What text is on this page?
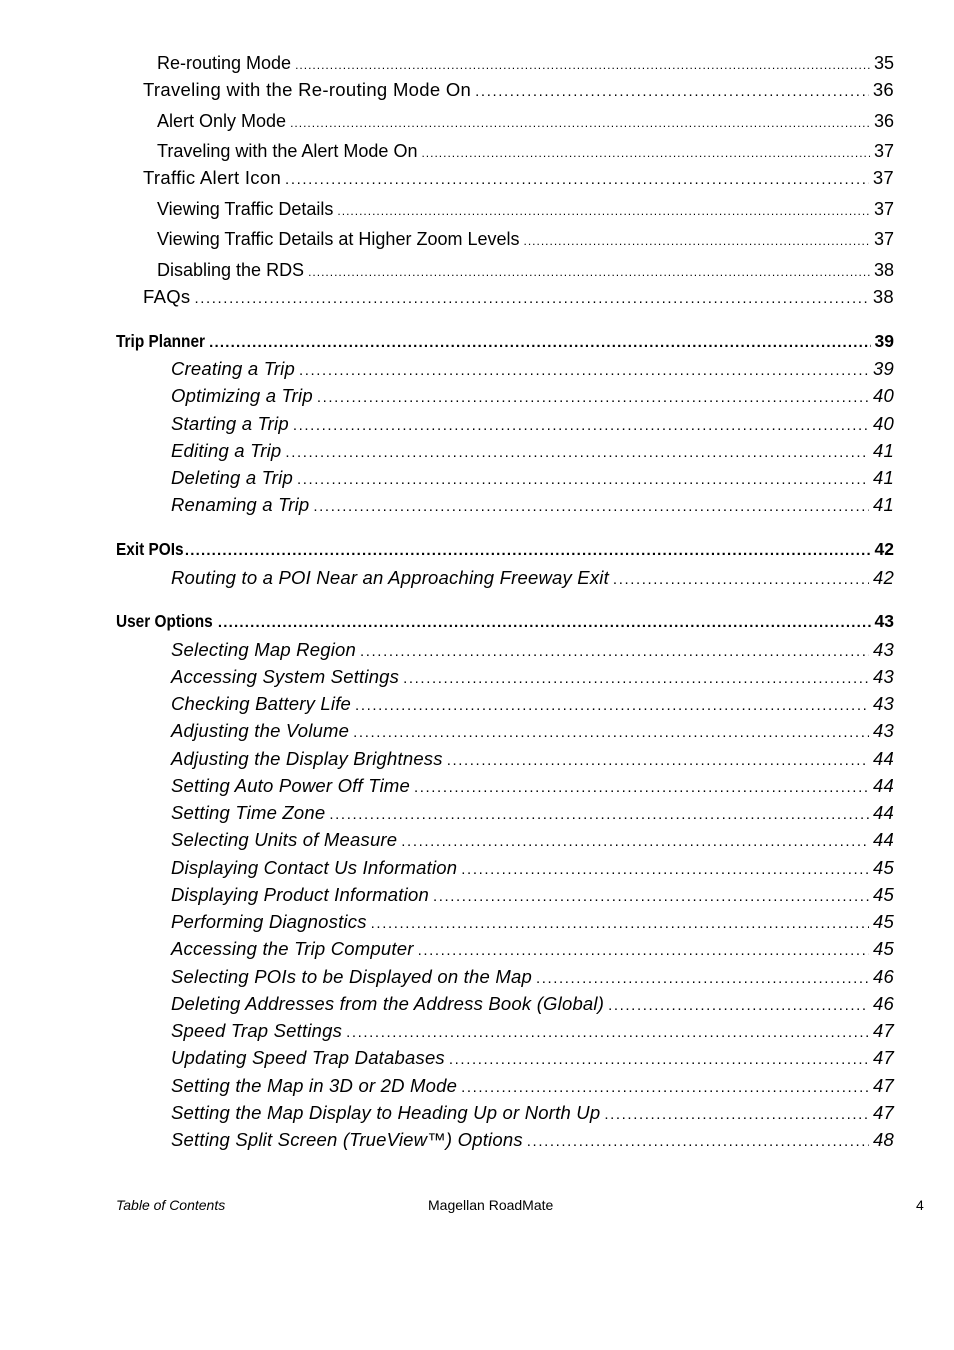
Re-routing Mode .....	35
Traveling with the Re-routing Mode On .....	36
Alert Only Mode .....	36
Traveling with the Alert Mode On .....	37
Traffic Alert Icon .....	37
Viewing Traffic Details .....	37
Viewing Traffic Details at Higher Zoom Levels .....	37
Disabling the RDS .....	38
FAQs .....	38
Trip Planner .....	39
Creating a Trip .....	39
Optimizing a Trip .....	40
Starting a Trip .....	40
Editing a Trip .....	41
Deleting a Trip .....	41
Renaming a Trip .....	41
Exit POIs .....	42
Routing to a POI Near an Approaching Freeway Exit .....	42
User Options .....	43
Selecting Map Region .....	43
Accessing System Settings .....	43
Checking Battery Life .....	43
Adjusting the Volume .....	43
Adjusting the Display Brightness .....	44
Setting Auto Power Off Time .....	44
Setting Time Zone .....	44
Selecting Units of Measure .....	44
Displaying Contact Us Information .....	45
Displaying Product Information .....	45
Performing Diagnostics .....	45
Accessing the Trip Computer .....	45
Selecting POIs to be Displayed on the Map .....	46
Deleting Addresses from the Address Book (Global) .....	46
Speed Trap Settings .....	47
Updating Speed Trap Databases .....	47
Setting the Map in 3D or 2D Mode .....	47
Setting the Map Display to Heading Up or North Up .....	47
Setting Split Screen (TrueView™) Options .....	48
Table of Contents	Magellan RoadMate	4
